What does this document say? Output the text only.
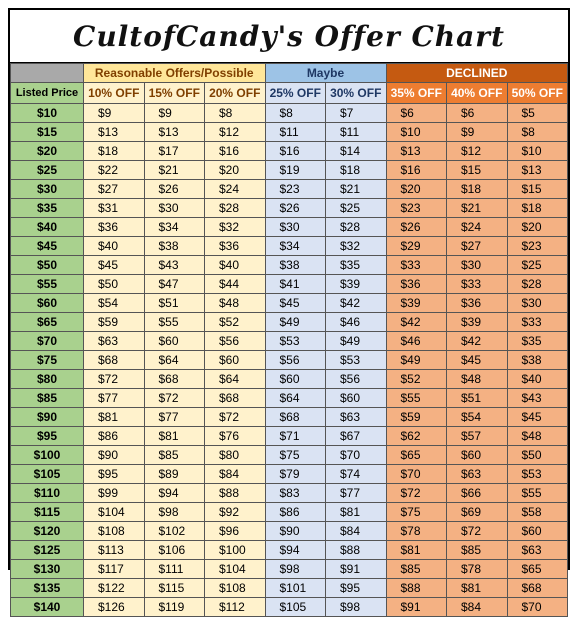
CultofCandy's Offer Chart
	Reasonable Offers/Possible			Maybe		DECLINED		
Listed Price	10% OFF	15% OFF	20% OFF	25% OFF	30% OFF	35% OFF	40% OFF	50% OFF
$10	$9	$9	$8	$8	$7	$6	$6	$5
$15	$13	$13	$12	$11	$11	$10	$9	$8
$20	$18	$17	$16	$16	$14	$13	$12	$10
$25	$22	$21	$20	$19	$18	$16	$15	$13
$30	$27	$26	$24	$23	$21	$20	$18	$15
$35	$31	$30	$28	$26	$25	$23	$21	$18
$40	$36	$34	$32	$30	$28	$26	$24	$20
$45	$40	$38	$36	$34	$32	$29	$27	$23
$50	$45	$43	$40	$38	$35	$33	$30	$25
$55	$50	$47	$44	$41	$39	$36	$33	$28
$60	$54	$51	$48	$45	$42	$39	$36	$30
$65	$59	$55	$52	$49	$46	$42	$39	$33
$70	$63	$60	$56	$53	$49	$46	$42	$35
$75	$68	$64	$60	$56	$53	$49	$45	$38
$80	$72	$68	$64	$60	$56	$52	$48	$40
$85	$77	$72	$68	$64	$60	$55	$51	$43
$90	$81	$77	$72	$68	$63	$59	$54	$45
$95	$86	$81	$76	$71	$67	$62	$57	$48
$100	$90	$85	$80	$75	$70	$65	$60	$50
$105	$95	$89	$84	$79	$74	$70	$63	$53
$110	$99	$94	$88	$83	$77	$72	$66	$55
$115	$104	$98	$92	$86	$81	$75	$69	$58
$120	$108	$102	$96	$90	$84	$78	$72	$60
$125	$113	$106	$100	$94	$88	$81	$85	$63
$130	$117	$111	$104	$98	$91	$85	$78	$65
$135	$122	$115	$108	$101	$95	$88	$81	$68
$140	$126	$119	$112	$105	$98	$91	$84	$70
